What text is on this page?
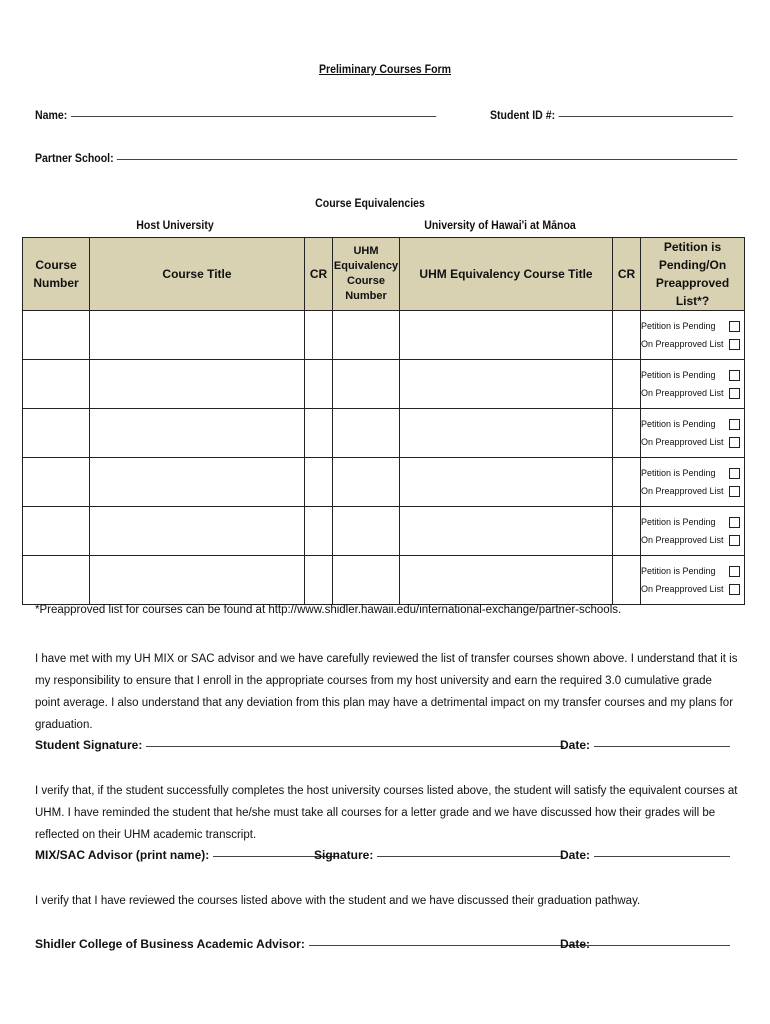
Preliminary Courses Form
Name:	Student ID #:
Partner School:
Course Equivalencies
Host University	University of Hawai'i at Mānoa
Course Number	Course Title	CR	UHM Equivalency Course Number	UHM Equivalency Course Title	CR	Petition is Pending/On Preapproved List*?

						Petition is Pending
On Preapproved List

						Petition is Pending
On Preapproved List

						Petition is Pending
On Preapproved List

						Petition is Pending
On Preapproved List

						Petition is Pending
On Preapproved List

						Petition is Pending
On Preapproved List
*Preapproved list for courses can be found at http://www.shidler.hawaii.edu/international-exchange/partner-schools.
I have met with my UH MIX or SAC advisor and we have carefully reviewed the list of transfer courses shown above. I understand that it is my responsibility to ensure that I enroll in the appropriate courses from my host university and earn the required 3.0 cumulative grade point average. I also understand that any deviation from this plan may have a detrimental impact on my transfer courses and my plans for graduation.
Student Signature:	Date:
I verify that, if the student successfully completes the host university courses listed above, the student will satisfy the equivalent courses at UHM. I have reminded the student that he/she must take all courses for a letter grade and we have discussed how their grades will be reflected on their UHM academic transcript.
MIX/SAC Advisor (print name):	Signature:	Date:
I verify that I have reviewed the courses listed above with the student and we have discussed their graduation pathway.
Shidler College of Business Academic Advisor:	Date:
